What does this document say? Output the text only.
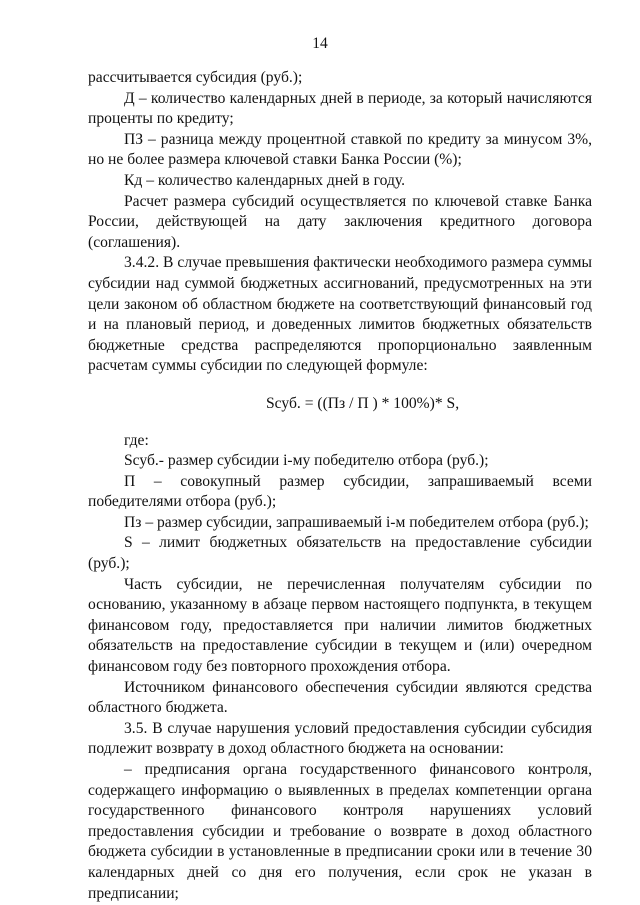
14

рассчитывается субсидия (руб.);

Д – количество календарных дней в периоде, за который начисляются проценты по кредиту;

ПЗ – разница между процентной ставкой по кредиту за минусом 3%, но не более размера ключевой ставки Банка России (%);

Кд – количество календарных дней в году.

Расчет размера субсидий осуществляется по ключевой ставке Банка России, действующей на дату заключения кредитного договора (соглашения).

3.4.2. В случае превышения фактически необходимого размера суммы субсидии над суммой бюджетных ассигнований, предусмотренных на эти цели законом об областном бюджете на соответствующий финансовый год и на плановый период, и доведенных лимитов бюджетных обязательств бюджетные средства распределяются пропорционально заявленным расчетам суммы субсидии по следующей формуле:

Sсуб. = ((Пз / П ) * 100%)* S,

где:

Sсуб.- размер субсидии i-му победителю отбора (руб.);

П – совокупный размер субсидии, запрашиваемый всеми победителями отбора (руб.);

Пз – размер субсидии, запрашиваемый i-м победителем отбора (руб.);

S – лимит бюджетных обязательств на предоставление субсидии (руб.);

Часть субсидии, не перечисленная получателям субсидии по основанию, указанному в абзаце первом настоящего подпункта, в текущем финансовом году, предоставляется при наличии лимитов бюджетных обязательств на предоставление субсидии в текущем и (или) очередном финансовом году без повторного прохождения отбора.

Источником финансового обеспечения субсидии являются средства областного бюджета.

3.5. В случае нарушения условий предоставления субсидии субсидия подлежит возврату в доход областного бюджета на основании:

– предписания органа государственного финансового контроля, содержащего информацию о выявленных в пределах компетенции органа государственного финансового контроля нарушениях условий предоставления субсидии и требование о возврате в доход областного бюджета субсидии в установленные в предписании сроки или в течение 30 календарных дней со дня его получения, если срок не указан в предписании;
